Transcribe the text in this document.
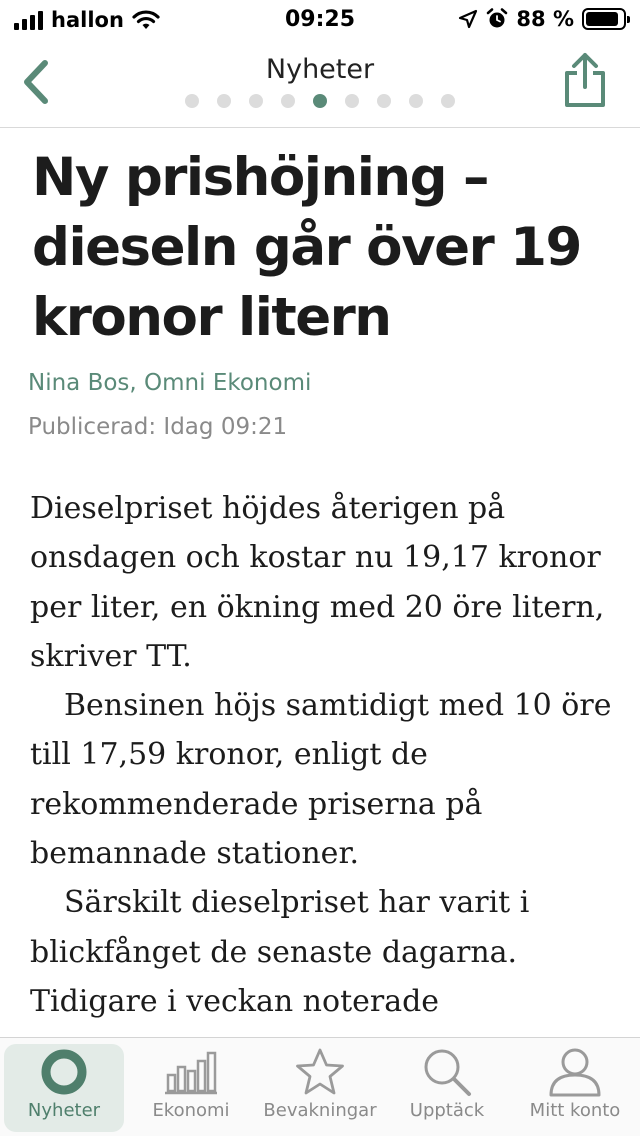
hallon	09:25	88 %
Nyheter
Ny prishöjning – dieseln går över 19 kronor litern
Nina Bos, Omni Ekonomi
Publicerad: Idag 09:21

Dieselpriset höjdes återigen på onsdagen och kostar nu 19,17 kronor per liter, en ökning med 20 öre litern, skriver TT.

Bensinen höjs samtidigt med 10 öre till 17,59 kronor, enligt de rekommenderade priserna på bemannade stationer.

Särskilt dieselpriset har varit i blickfånget de senaste dagarna. Tidigare i veckan noterade

Nyheter	Ekonomi Bevakningar Upptäck	Mitt konto
